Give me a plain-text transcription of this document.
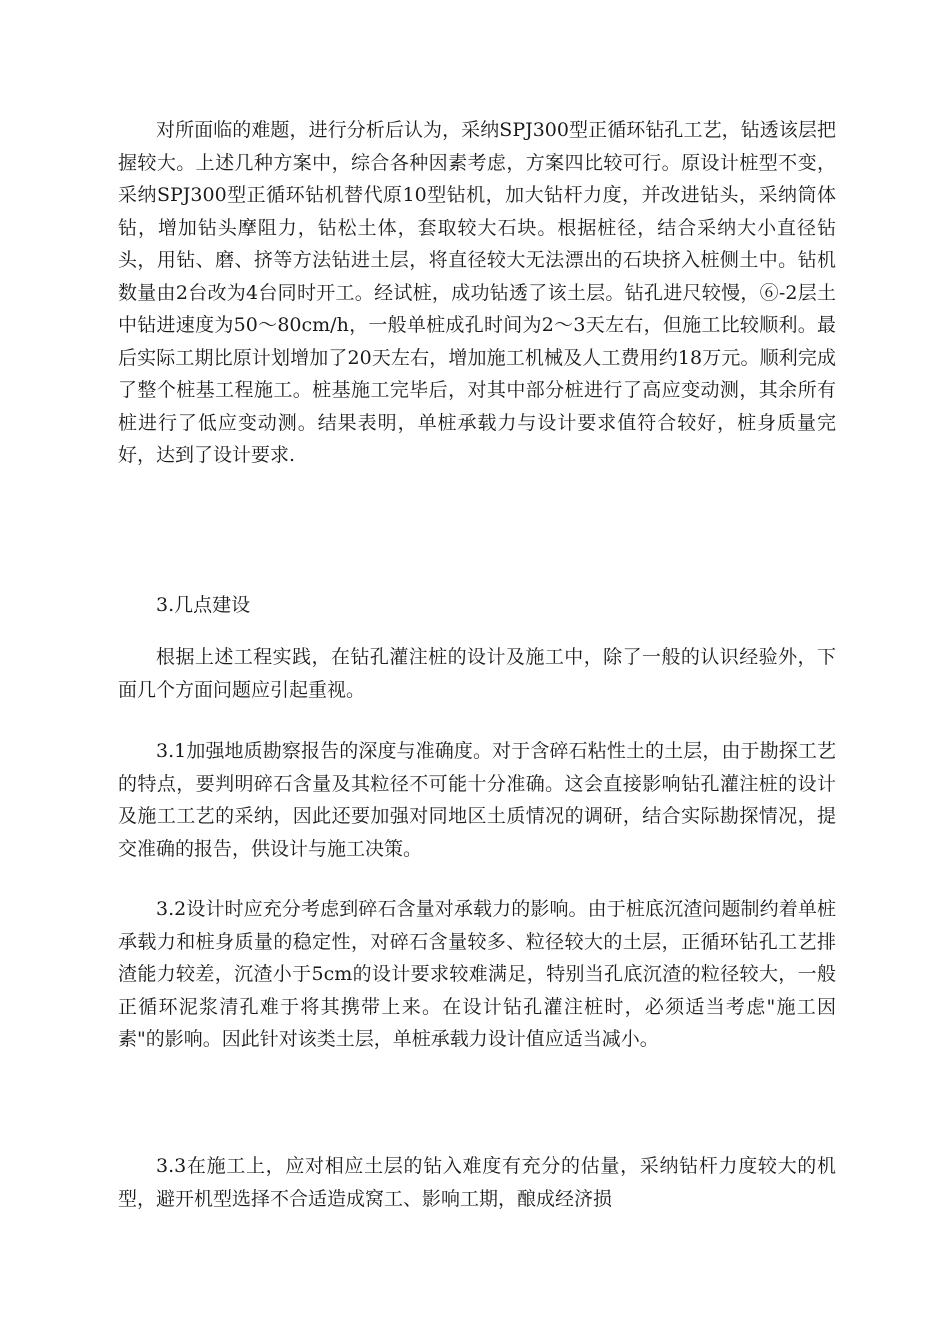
对所面临的难题，进行分析后认为，采纳SPJ300型正循环钻孔工艺，钻透该层把握较大。上述几种方案中，综合各种因素考虑，方案四比较可行。原设计桩型不变，采纳SPJ300型正循环钻机替代原10型钻机，加大钻杆力度，并改进钻头，采纳筒体钻，增加钻头摩阻力，钻松土体，套取较大石块。根据桩径，结合采纳大小直径钻头，用钻、磨、挤等方法钻进土层，将直径较大无法漂出的石块挤入桩侧土中。钻机数量由2台改为4台同时开工。经试桩，成功钻透了该土层。钻孔进尺较慢，⑥-2层土中钻进速度为50～80cm/h，一般单桩成孔时间为2～3天左右，但施工比较顺利。最后实际工期比原计划增加了20天左右，增加施工机械及人工费用约18万元。顺利完成了整个桩基工程施工。桩基施工完毕后，对其中部分桩进行了高应变动测，其余所有桩进行了低应变动测。结果表明，单桩承载力与设计要求值符合较好，桩身质量完好，达到了设计要求.

3.几点建设

根据上述工程实践，在钻孔灌注桩的设计及施工中，除了一般的认识经验外，下面几个方面问题应引起重视。

3.1加强地质勘察报告的深度与准确度。对于含碎石粘性土的土层，由于勘探工艺的特点，要判明碎石含量及其粒径不可能十分准确。这会直接影响钻孔灌注桩的设计及施工工艺的采纳，因此还要加强对同地区土质情况的调研，结合实际勘探情况，提交准确的报告，供设计与施工决策。

3.2设计时应充分考虑到碎石含量对承载力的影响。由于桩底沉渣问题制约着单桩承载力和桩身质量的稳定性，对碎石含量较多、粒径较大的土层，正循环钻孔工艺排渣能力较差，沉渣小于5cm的设计要求较难满足，特别当孔底沉渣的粒径较大，一般正循环泥浆清孔难于将其携带上来。在设计钻孔灌注桩时，必须适当考虑"施工因素"的影响。因此针对该类土层，单桩承载力设计值应适当减小。

3.3在施工上，应对相应土层的钻入难度有充分的估量，采纳钻杆力度较大的机型，避开机型选择不合适造成窝工、影响工期，酿成经济损
